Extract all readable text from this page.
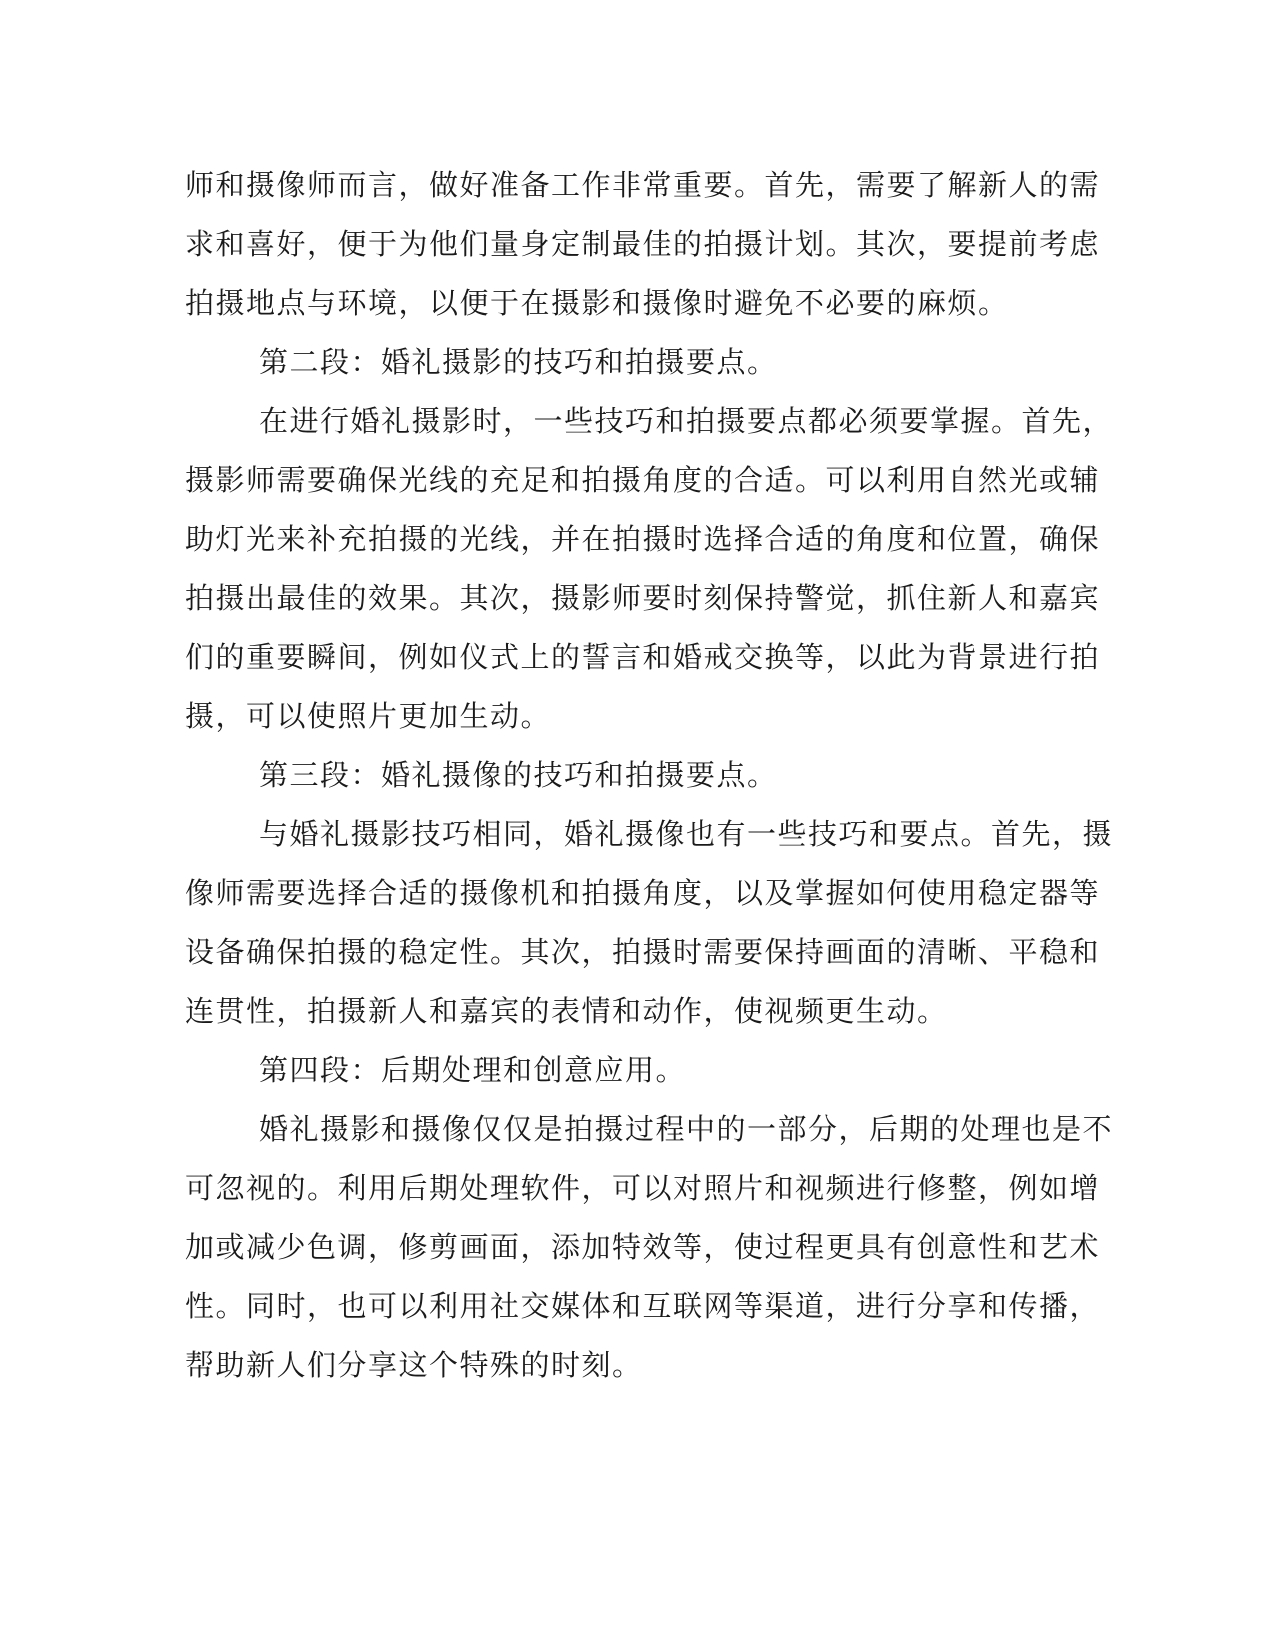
师和摄像师而言，做好准备工作非常重要。首先，需要了解新人的需
求和喜好，便于为他们量身定制最佳的拍摄计划。其次，要提前考虑
拍摄地点与环境，以便于在摄影和摄像时避免不必要的麻烦。
第二段：婚礼摄影的技巧和拍摄要点。
在进行婚礼摄影时，一些技巧和拍摄要点都必须要掌握。首先，
摄影师需要确保光线的充足和拍摄角度的合适。可以利用自然光或辅
助灯光来补充拍摄的光线，并在拍摄时选择合适的角度和位置，确保
拍摄出最佳的效果。其次，摄影师要时刻保持警觉，抓住新人和嘉宾
们的重要瞬间，例如仪式上的誓言和婚戒交换等，以此为背景进行拍
摄，可以使照片更加生动。
第三段：婚礼摄像的技巧和拍摄要点。
与婚礼摄影技巧相同，婚礼摄像也有一些技巧和要点。首先，摄
像师需要选择合适的摄像机和拍摄角度，以及掌握如何使用稳定器等
设备确保拍摄的稳定性。其次，拍摄时需要保持画面的清晰、平稳和
连贯性，拍摄新人和嘉宾的表情和动作，使视频更生动。
第四段：后期处理和创意应用。
婚礼摄影和摄像仅仅是拍摄过程中的一部分，后期的处理也是不
可忽视的。利用后期处理软件，可以对照片和视频进行修整，例如增
加或减少色调，修剪画面，添加特效等，使过程更具有创意性和艺术
性。同时，也可以利用社交媒体和互联网等渠道，进行分享和传播，
帮助新人们分享这个特殊的时刻。
